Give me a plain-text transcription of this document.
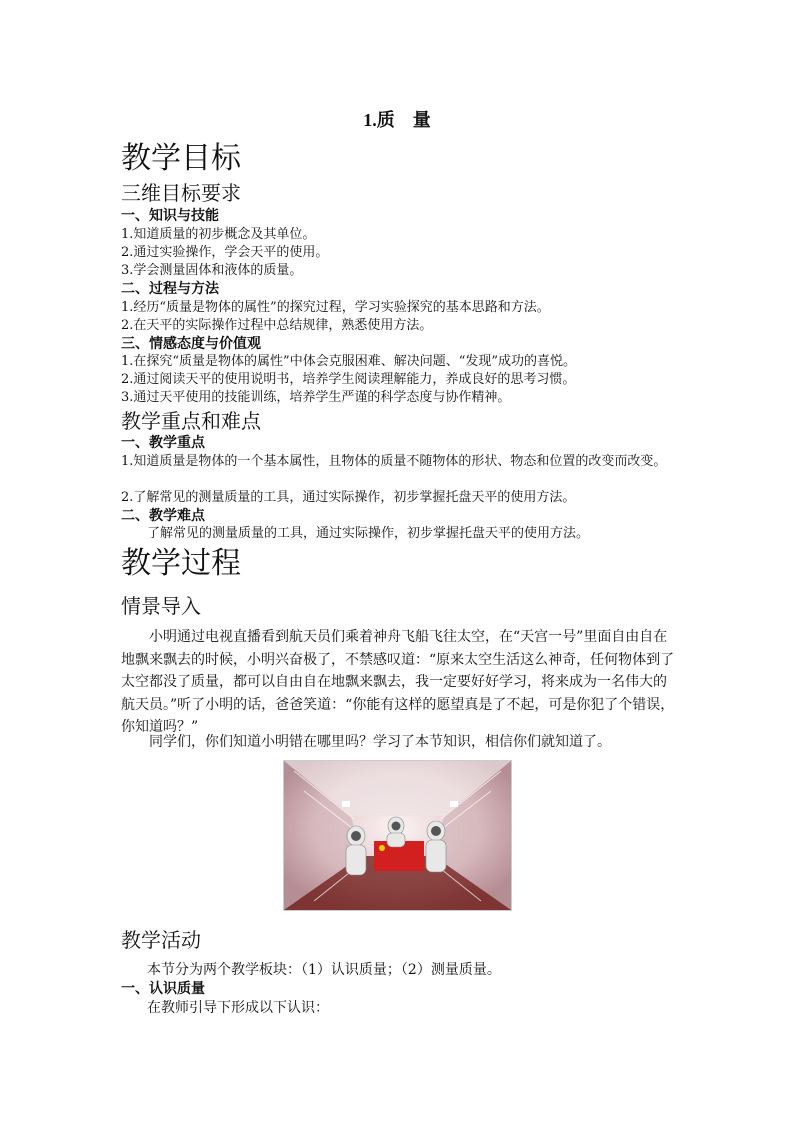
1.质　量
教学目标
三维目标要求
一、知识与技能
1.知道质量的初步概念及其单位。
2.通过实验操作，学会天平的使用。
3.学会测量固体和液体的质量。
二、过程与方法
1.经历“质量是物体的属性”的探究过程，学习实验探究的基本思路和方法。
2.在天平的实际操作过程中总结规律，熟悉使用方法。
三、情感态度与价值观
1.在探究“质量是物体的属性”中体会克服困难、解决问题、“发现”成功的喜悦。
2.通过阅读天平的使用说明书，培养学生阅读理解能力，养成良好的思考习惯。
3.通过天平使用的技能训练，培养学生严谨的科学态度与协作精神。
教学重点和难点
一、教学重点
1.知道质量是物体的一个基本属性，且物体的质量不随物体的形状、物态和位置的改变而改变。
2.了解常见的测量质量的工具，通过实际操作，初步掌握托盘天平的使用方法。
二、教学难点
了解常见的测量质量的工具，通过实际操作，初步掌握托盘天平的使用方法。
教学过程
情景导入
小明通过电视直播看到航天员们乘着神舟飞船飞往太空，在“天宫一号”里面自由自在地飘来飘去的时候，小明兴奋极了，不禁感叹道：“原来太空生活这么神奇，任何物体到了太空都没了质量，都可以自由自在地飘来飘去，我一定要好好学习，将来成为一名伟大的航天员。”听了小明的话，爸爸笑道：“你能有这样的愿望真是了不起，可是你犯了个错误，你知道吗？”
同学们，你们知道小明错在哪里吗？学习了本节知识，相信你们就知道了。
教学活动
本节分为两个教学板块：（1）认识质量；（2）测量质量。
一、认识质量
在教师引导下形成以下认识：
